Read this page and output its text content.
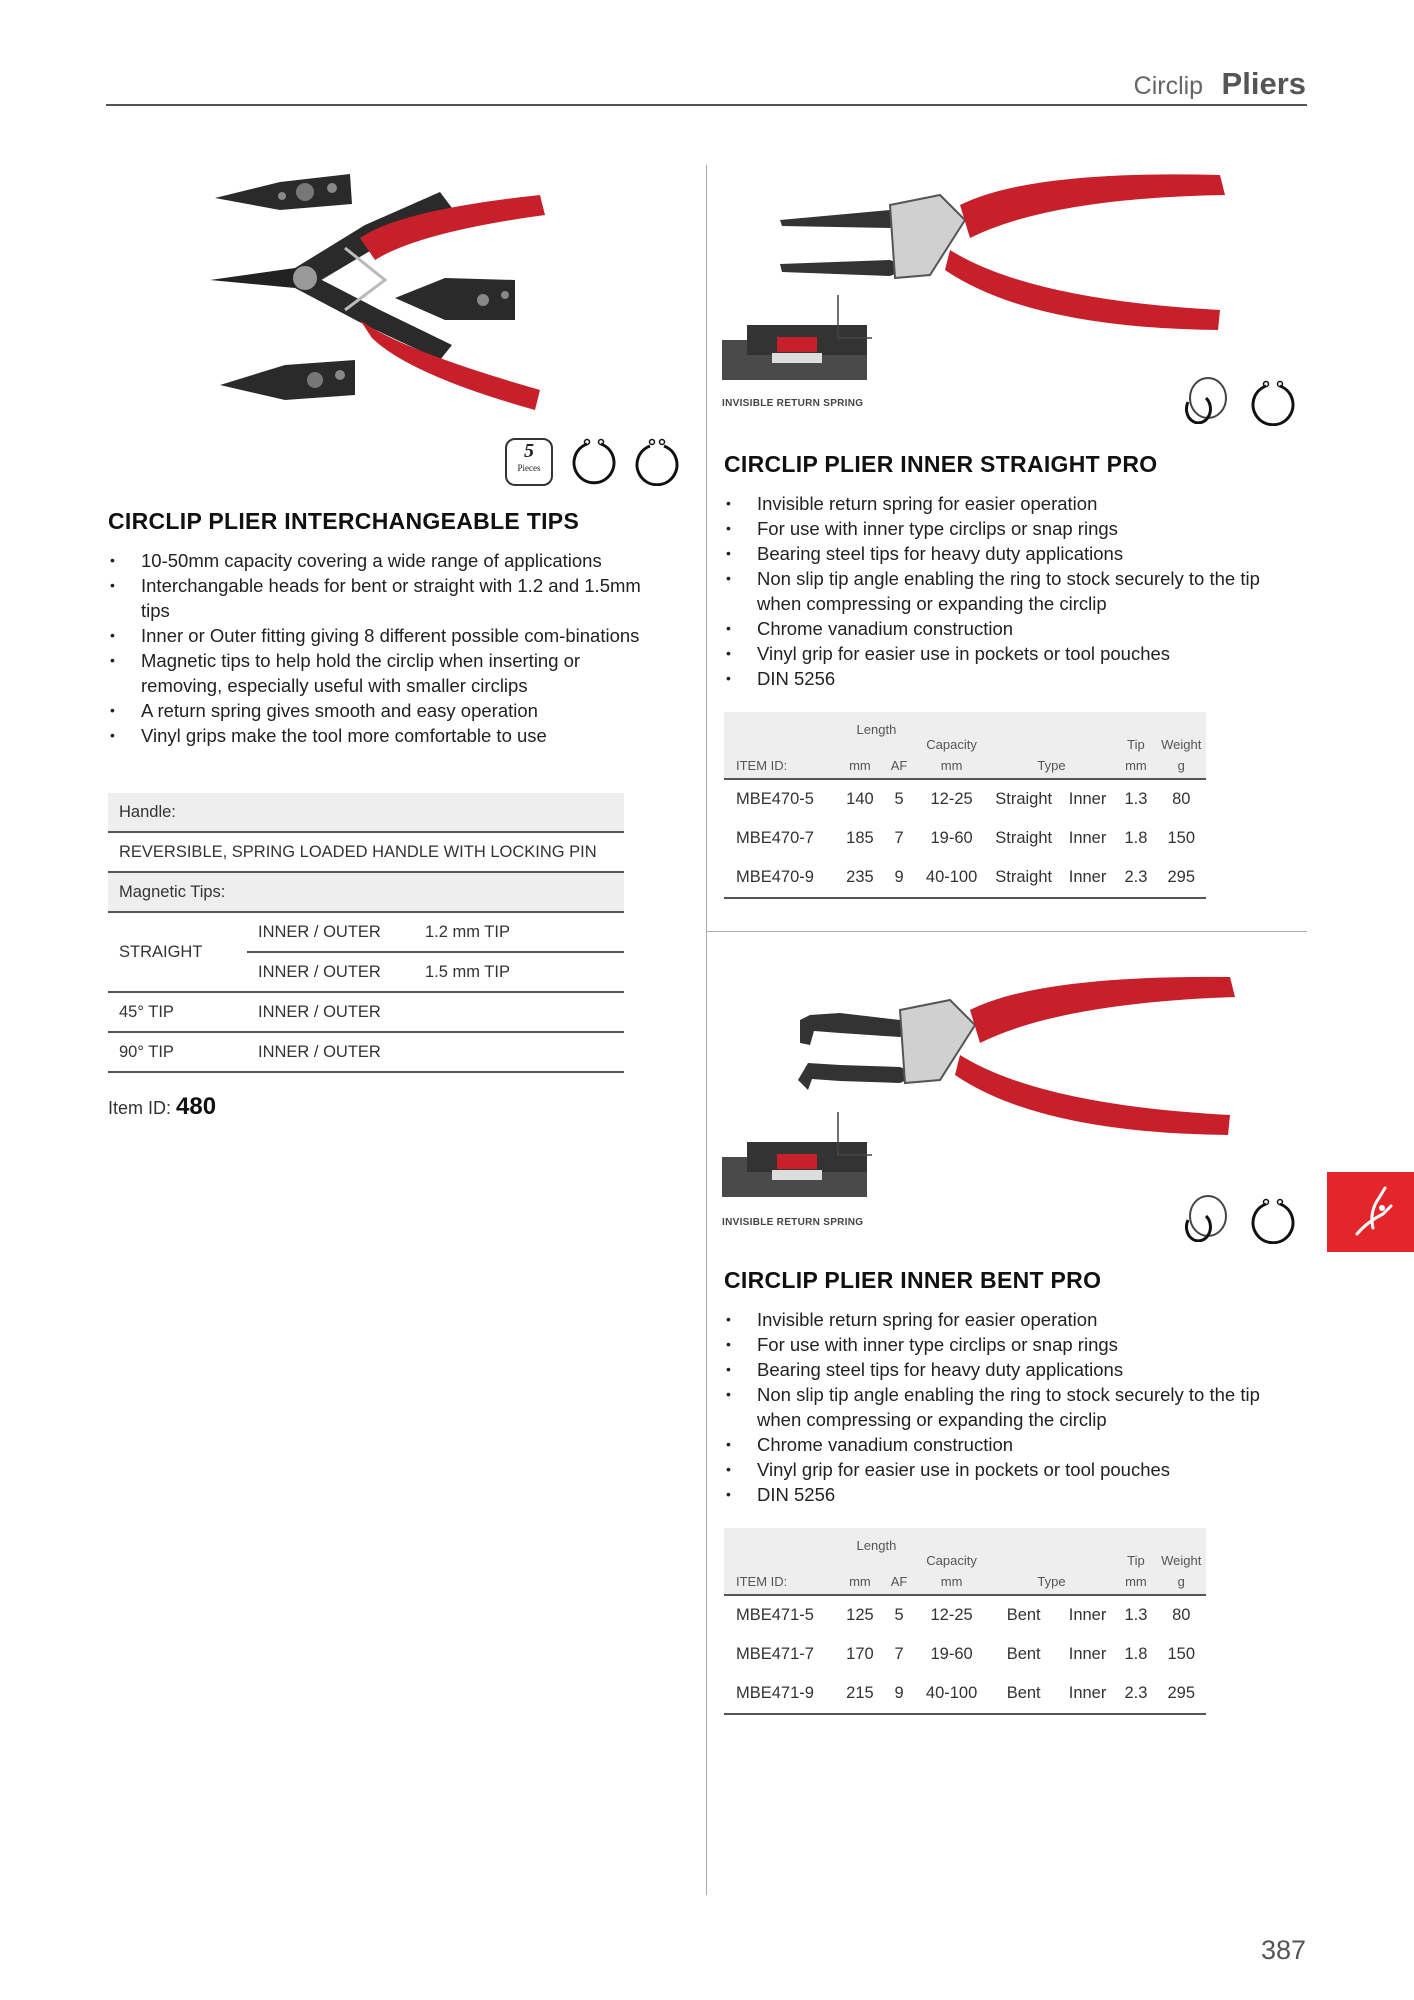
Circlip Pliers
5
Pieces
CIRCLIP PLIER INTERCHANGEABLE TIPS
• 10-50mm capacity covering a wide range of applications
• Interchangable heads for bent or straight with 1.2 and 1.5mm tips
• Inner or Outer fitting giving 8 different possible com-binations
• Magnetic tips to help hold the circlip when inserting or removing, especially useful with smaller circlips
• A return spring gives smooth and easy operation
• Vinyl grips make the tool more comfortable to use
Handle:		
REVERSIBLE, SPRING LOADED HANDLE WITH LOCKING PIN		
Magnetic Tips:		
STRAIGHT	INNER / OUTER	1.2 mm TIP
	INNER / OUTER	1.5 mm TIP
45° TIP	INNER / OUTER	
90° TIP	INNER / OUTER	
Item ID: 480
INVISIBLE RETURN SPRING
CIRCLIP PLIER INNER STRAIGHT PRO
• Invisible return spring for easier operation
• For use with inner type circlips or snap rings
• Bearing steel tips for heavy duty applications
• Non slip tip angle enabling the ring to stock securely to the tip when compressing or expanding the circlip
• Chrome vanadium construction
• Vinyl grip for easier use in pockets or tool pouches
• DIN 5256
	Length		Capacity			Tip	Weight
ITEM ID:	mm	AF	mm	Type		mm	g
MBE470-5	140	5	12-25	Straight	Inner	1.3	80
MBE470-7	185	7	19-60	Straight	Inner	1.8	150
MBE470-9	235	9	40-100	Straight	Inner	2.3	295
INVISIBLE RETURN SPRING
CIRCLIP PLIER INNER BENT PRO
• Invisible return spring for easier operation
• For use with inner type circlips or snap rings
• Bearing steel tips for heavy duty applications
• Non slip tip angle enabling the ring to stock securely to the tip when compressing or expanding the circlip
• Chrome vanadium construction
• Vinyl grip for easier use in pockets or tool pouches
• DIN 5256
	Length		Capacity			Tip	Weight
ITEM ID:	mm	AF	mm	Type		mm	g
MBE471-5	125	5	12-25	Bent	Inner	1.3	80
MBE471-7	170	7	19-60	Bent	Inner	1.8	150
MBE471-9	215	9	40-100	Bent	Inner	2.3	295
387
